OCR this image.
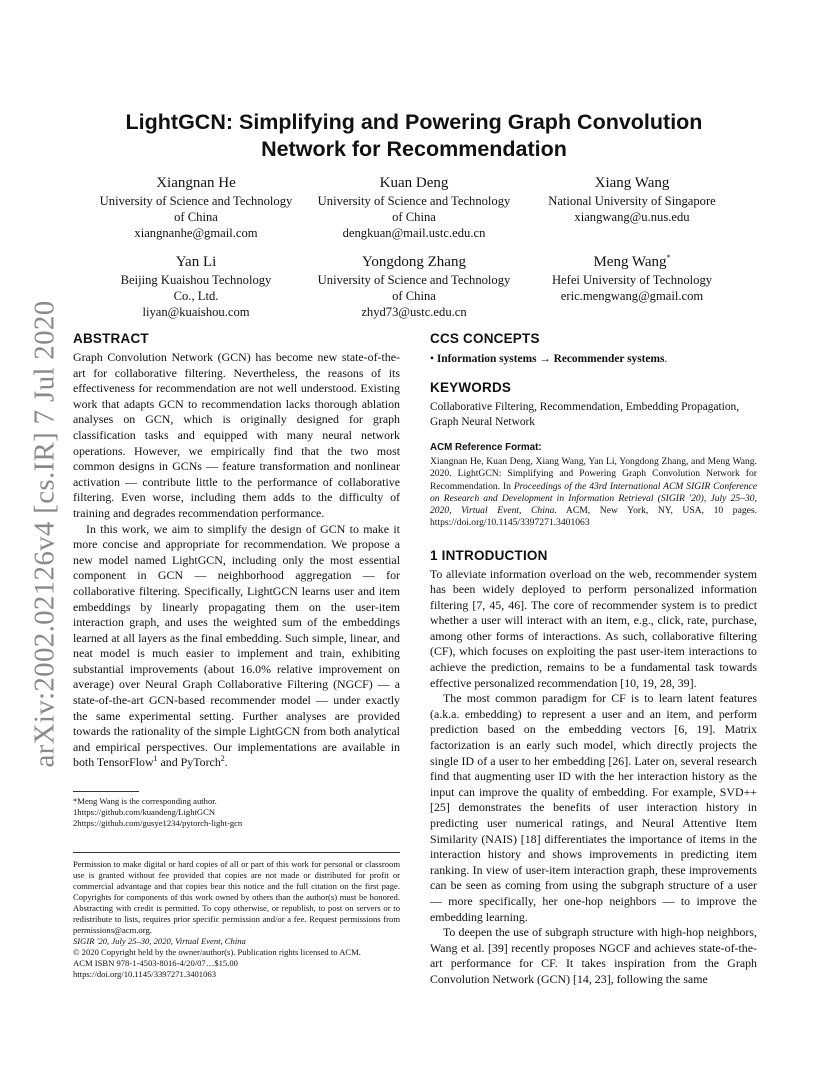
arXiv:2002.02126v4 [cs.IR] 7 Jul 2020
LightGCN: Simplifying and Powering Graph Convolution
Network for Recommendation
Xiangnan He
University of Science and Technology
of China
xiangnanhe@gmail.com
Kuan Deng
University of Science and Technology
of China
dengkuan@mail.ustc.edu.cn
Xiang Wang
National University of Singapore
xiangwang@u.nus.edu
Yan Li
Beijing Kuaishou Technology
Co., Ltd.
liyan@kuaishou.com
Yongdong Zhang
University of Science and Technology
of China
zhyd73@ustc.edu.cn
Meng Wang*
Hefei University of Technology
eric.mengwang@gmail.com
ABSTRACT

Graph Convolution Network (GCN) has become new state-of-the-art for collaborative filtering. Nevertheless, the reasons of its effectiveness for recommendation are not well understood. Existing work that adapts GCN to recommendation lacks thorough ablation analyses on GCN, which is originally designed for graph classification tasks and equipped with many neural network operations. However, we empirically find that the two most common designs in GCNs — feature transformation and nonlinear activation — contribute little to the performance of collaborative filtering. Even worse, including them adds to the difficulty of training and degrades recommendation performance.

In this work, we aim to simplify the design of GCN to make it more concise and appropriate for recommendation. We propose a new model named LightGCN, including only the most essential component in GCN — neighborhood aggregation — for collaborative filtering. Specifically, LightGCN learns user and item embeddings by linearly propagating them on the user-item interaction graph, and uses the weighted sum of the embeddings learned at all layers as the final embedding. Such simple, linear, and neat model is much easier to implement and train, exhibiting substantial improvements (about 16.0% relative improvement on average) over Neural Graph Collaborative Filtering (NGCF) — a state-of-the-art GCN-based recommender model — under exactly the same experimental setting. Further analyses are provided towards the rationality of the simple LightGCN from both analytical and empirical perspectives. Our implementations are available in both TensorFlow$^1$ and PyTorch$^2$.

*Meng Wang is the corresponding author.
1https://github.com/kuandeng/LightGCN
2https://github.com/gusye1234/pytorch-light-gcn
Permission to make digital or hard copies of all or part of this work for personal or classroom use is granted without fee provided that copies are not made or distributed for profit or commercial advantage and that copies bear this notice and the full citation on the first page. Copyrights for components of this work owned by others than the author(s) must be honored. Abstracting with credit is permitted. To copy otherwise, or republish, to post on servers or to redistribute to lists, requires prior specific permission and/or a fee. Request permissions from permissions@acm.org.
SIGIR '20, July 25–30, 2020, Virtual Event, China
© 2020 Copyright held by the owner/author(s). Publication rights licensed to ACM.
ACM ISBN 978-1-4503-8016-4/20/07…$15.00
https://doi.org/10.1145/3397271.3401063
CCS CONCEPTS
• Information systems → Recommender systems.
KEYWORDS

Collaborative Filtering, Recommendation, Embedding Propagation, Graph Neural Network

ACM Reference Format:
Xiangnan He, Kuan Deng, Xiang Wang, Yan Li, Yongdong Zhang, and Meng Wang. 2020. LightGCN: Simplifying and Powering Graph Convolution Network for Recommendation. In Proceedings of the 43rd International ACM SIGIR Conference on Research and Development in Information Retrieval (SIGIR '20), July 25–30, 2020, Virtual Event, China. ACM, New York, NY, USA, 10 pages. https://doi.org/10.1145/3397271.3401063
1 INTRODUCTION

To alleviate information overload on the web, recommender system has been widely deployed to perform personalized information filtering [7, 45, 46]. The core of recommender system is to predict whether a user will interact with an item, e.g., click, rate, purchase, among other forms of interactions. As such, collaborative filtering (CF), which focuses on exploiting the past user-item interactions to achieve the prediction, remains to be a fundamental task towards effective personalized recommendation [10, 19, 28, 39].

The most common paradigm for CF is to learn latent features (a.k.a. embedding) to represent a user and an item, and perform prediction based on the embedding vectors [6, 19]. Matrix factorization is an early such model, which directly projects the single ID of a user to her embedding [26]. Later on, several research find that augmenting user ID with the her interaction history as the input can improve the quality of embedding. For example, SVD++ [25] demonstrates the benefits of user interaction history in predicting user numerical ratings, and Neural Attentive Item Similarity (NAIS) [18] differentiates the importance of items in the interaction history and shows improvements in predicting item ranking. In view of user-item interaction graph, these improvements can be seen as coming from using the subgraph structure of a user — more specifically, her one-hop neighbors — to improve the embedding learning.

To deepen the use of subgraph structure with high-hop neighbors, Wang et al. [39] recently proposes NGCF and achieves state-of-the-art performance for CF. It takes inspiration from the Graph Convolution Network (GCN) [14, 23], following the same
